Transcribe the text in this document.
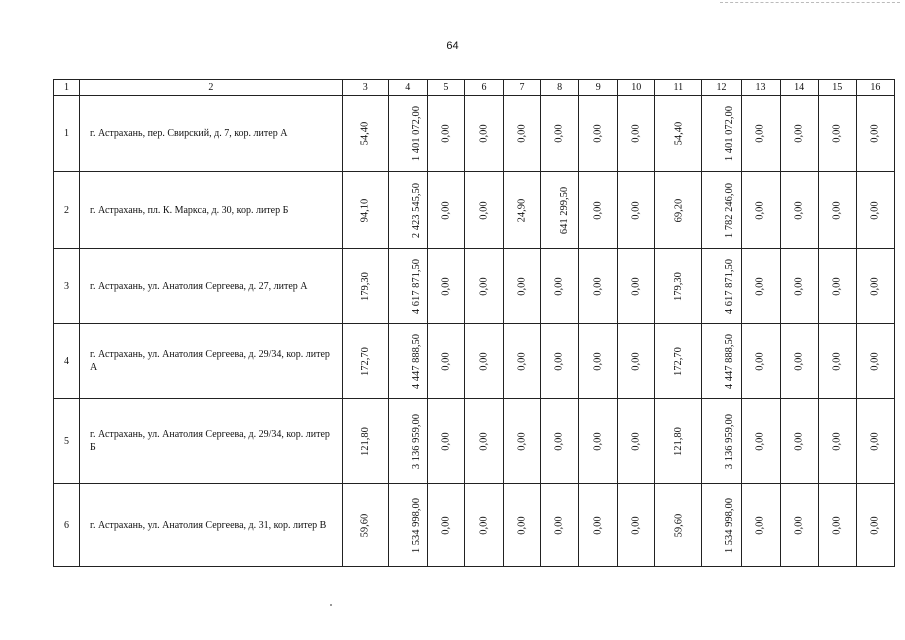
64
1	2	3	4	5	6	7	8	9	10	11	12	13	14	15	16
1	г. Астрахань, пер. Свирский, д. 7, кор. литер А	54,40	1 401 072,00	0,00	0,00	0,00	0,00	0,00	0,00	54,40	1 401 072,00	0,00	0,00	0,00	0,00
2	г. Астрахань, пл. К. Маркса, д. 30, кор. литер Б	94,10	2 423 545,50	0,00	0,00	24,90	641 299,50	0,00	0,00	69,20	1 782 246,00	0,00	0,00	0,00	0,00
3	г. Астрахань, ул. Анатолия Сергеева, д. 27, литер А	179,30	4 617 871,50	0,00	0,00	0,00	0,00	0,00	0,00	179,30	4 617 871,50	0,00	0,00	0,00	0,00
4	г. Астрахань, ул. Анатолия Сергеева, д. 29/34, кор. литер А	172,70	4 447 888,50	0,00	0,00	0,00	0,00	0,00	0,00	172,70	4 447 888,50	0,00	0,00	0,00	0,00
5	г. Астрахань, ул. Анатолия Сергеева, д. 29/34, кор. литер Б	121,80	3 136 959,00	0,00	0,00	0,00	0,00	0,00	0,00	121,80	3 136 959,00	0,00	0,00	0,00	0,00
6	г. Астрахань, ул. Анатолия Сергеева, д. 31, кор. литер В	59,60	1 534 998,00	0,00	0,00	0,00	0,00	0,00	0,00	59,60	1 534 998,00	0,00	0,00	0,00	0,00
